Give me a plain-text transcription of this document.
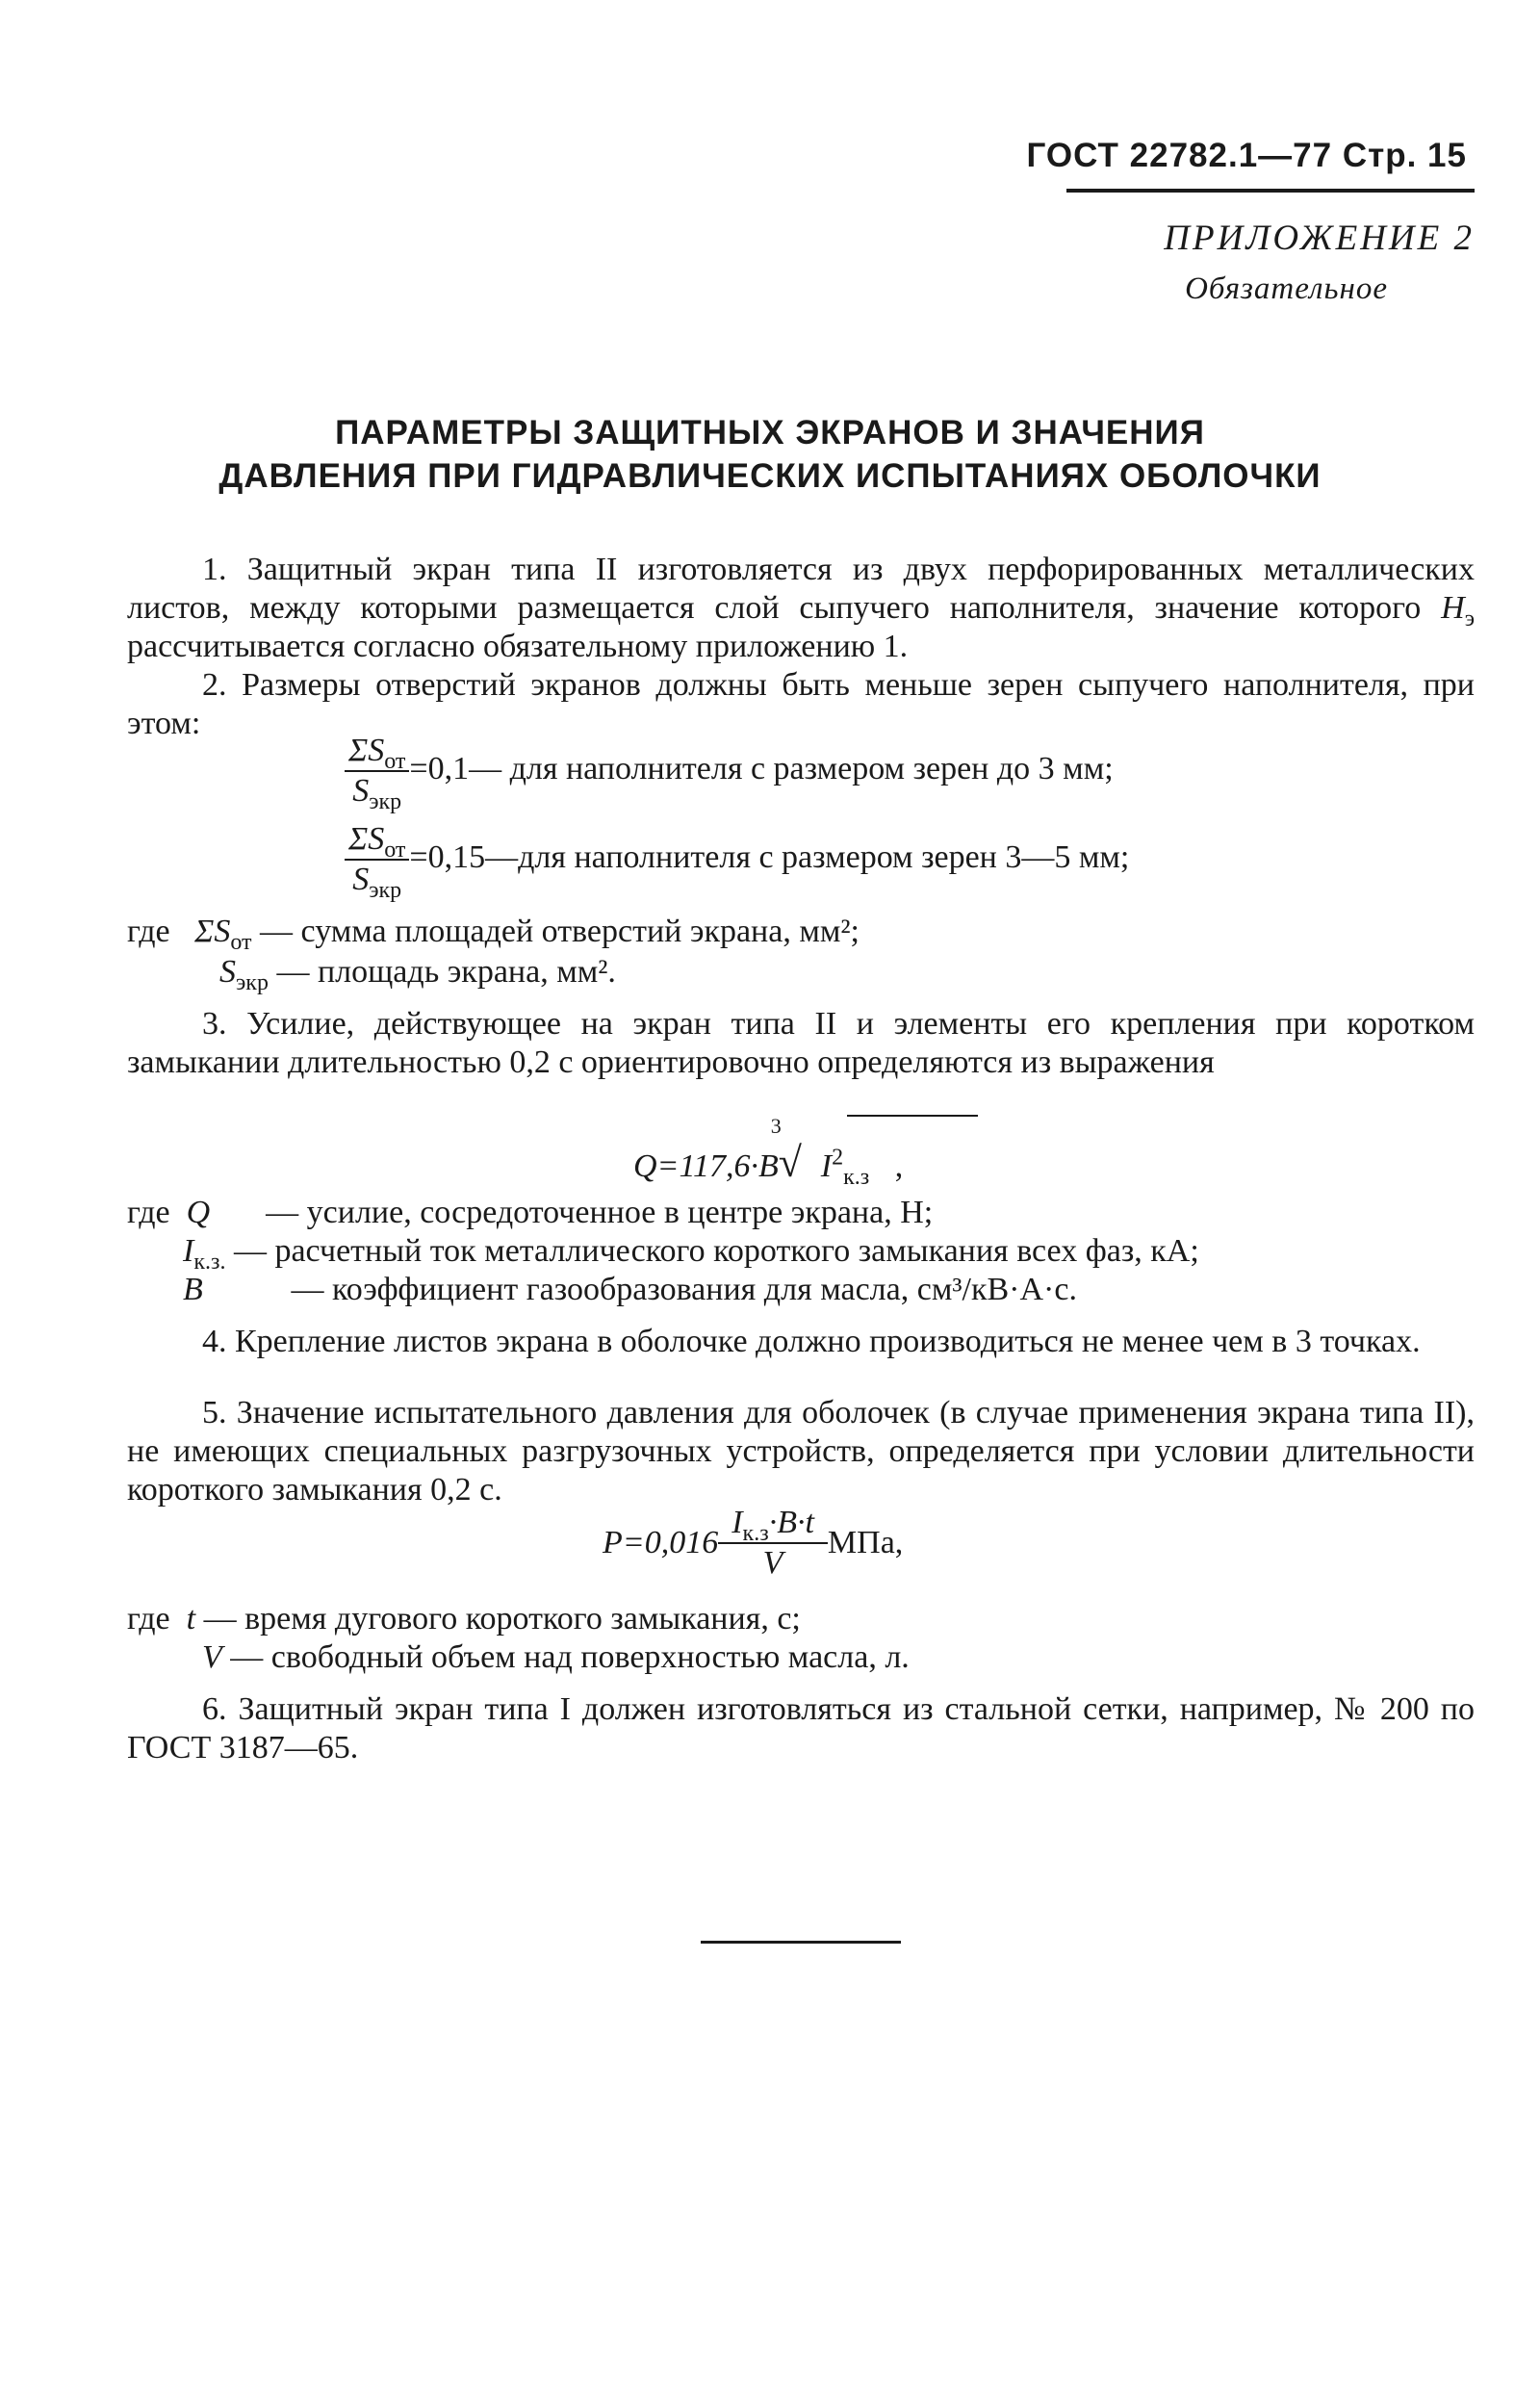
ГОСТ 22782.1—77 Стр. 15
ПРИЛОЖЕНИЕ 2
Обязательное
ПАРАМЕТРЫ ЗАЩИТНЫХ ЭКРАНОВ И ЗНАЧЕНИЯ
ДАВЛЕНИЯ ПРИ ГИДРАВЛИЧЕСКИХ ИСПЫТАНИЯХ ОБОЛОЧКИ
1. Защитный экран типа II изготовляется из двух перфорированных металлических листов, между которыми размещается слой сыпучего наполнителя, значение которого $H_э$ рассчитывается согласно обязательному приложению 1.
2. Размеры отверстий экранов должны быть меньше зерен сыпучего наполнителя, при этом:
$\frac{\Sigma S_{от}}{S_{экр}}$ =0,1— для наполнителя с размером зерен до 3 мм;
$\frac{\Sigma S_{от}}{S_{экр}}$ =0,15—для наполнителя с размером зерен 3—5 мм;
где $\Sigma S_{от}$ — сумма площадей отверстий экрана, мм²;
$S_{экр}$ — площадь экрана, мм².
3. Усилие, действующее на экран типа II и элементы его крепления при коротком замыкании длительностью 0,2 с ориентировочно определяются из выражения
Q=117,6·B
3
√ $I^2_{к.з}$ ,
где Q — усилие, сосредоточенное в центре экрана, Н;
$I_{к.з.}$ — расчетный ток металлического короткого замыкания всех фаз, кА;
B	— коэффициент газообразования для масла, см³/кВ·А·с.
4. Крепление листов экрана в оболочке должно производиться не менее чем в 3 точках.
5. Значение испытательного давления для оболочек (в случае применения экрана типа II), не имеющих специальных разгрузочных устройств, определяется при условии длительности короткого замыкания 0,2 с.
$P=0,016 \frac{I_{к.з}\cdot B\cdot t}{V}$ МПа,
где t — время дугового короткого замыкания, с;
V — свободный объем над поверхностью масла, л.
6. Защитный экран типа I должен изготовляться из стальной сетки, например, № 200 по ГОСТ 3187—65.
